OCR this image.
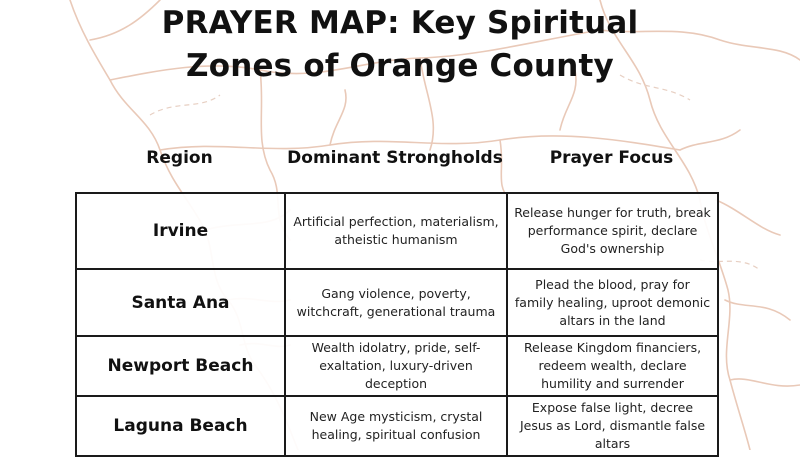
PRAYER MAP: Key Spiritual
Zones of Orange County
Region	Dominant Strongholds	Prayer Focus
Irvine	Artificial perfection, materialism, atheistic humanism	Release hunger for truth, break performance spirit, declare God's ownership
Santa Ana	Gang violence, poverty, witchcraft, generational trauma	Plead the blood, pray for family healing, uproot demonic altars in the land
Newport Beach	Wealth idolatry, pride, self-exaltation, luxury-driven deception	Release Kingdom financiers, redeem wealth, declare humility and surrender
Laguna Beach	New Age mysticism, crystal healing, spiritual confusion	Expose false light, decree Jesus as Lord, dismantle false altars
